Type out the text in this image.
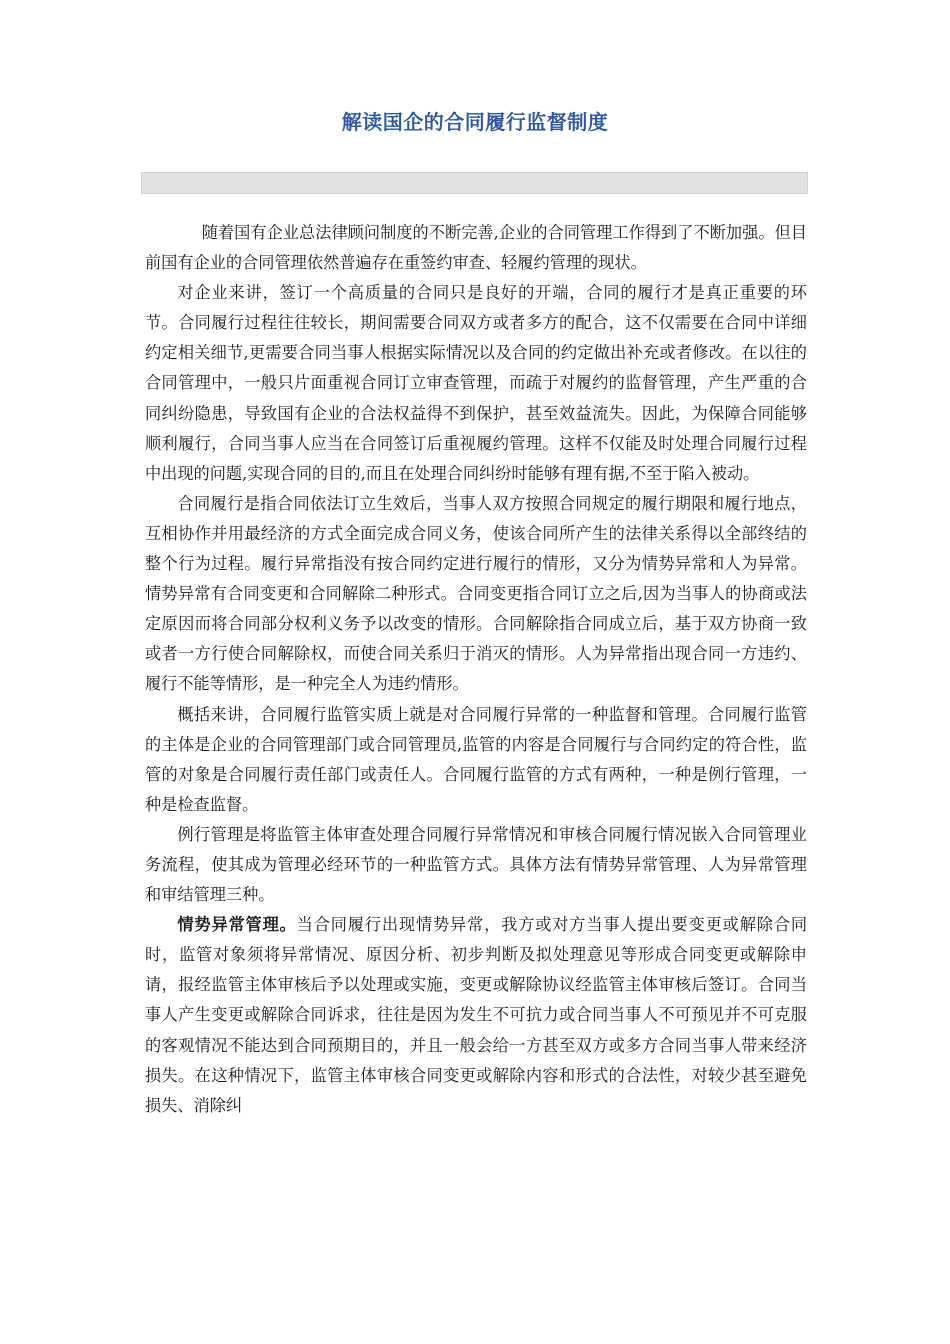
解读国企的合同履行监督制度

随着国有企业总法律顾问制度的不断完善,企业的合同管理工作得到了不断加强。但目前国有企业的合同管理依然普遍存在重签约审查、轻履约管理的现状。

对企业来讲，签订一个高质量的合同只是良好的开端，合同的履行才是真正重要的环节。合同履行过程往往较长，期间需要合同双方或者多方的配合，这不仅需要在合同中详细约定相关细节,更需要合同当事人根据实际情况以及合同的约定做出补充或者修改。在以往的合同管理中，一般只片面重视合同订立审查管理，而疏于对履约的监督管理，产生严重的合同纠纷隐患，导致国有企业的合法权益得不到保护，甚至效益流失。因此，为保障合同能够顺利履行，合同当事人应当在合同签订后重视履约管理。这样不仅能及时处理合同履行过程中出现的问题,实现合同的目的,而且在处理合同纠纷时能够有理有据,不至于陷入被动。

合同履行是指合同依法订立生效后，当事人双方按照合同规定的履行期限和履行地点，互相协作并用最经济的方式全面完成合同义务，使该合同所产生的法律关系得以全部终结的整个行为过程。履行异常指没有按合同约定进行履行的情形，又分为情势异常和人为异常。情势异常有合同变更和合同解除二种形式。合同变更指合同订立之后,因为当事人的协商或法定原因而将合同部分权利义务予以改变的情形。合同解除指合同成立后，基于双方协商一致或者一方行使合同解除权，而使合同关系归于消灭的情形。人为异常指出现合同一方违约、履行不能等情形，是一种完全人为违约情形。

概括来讲，合同履行监管实质上就是对合同履行异常的一种监督和管理。合同履行监管的主体是企业的合同管理部门或合同管理员,监管的内容是合同履行与合同约定的符合性，监管的对象是合同履行责任部门或责任人。合同履行监管的方式有两种，一种是例行管理，一种是检查监督。

例行管理是将监管主体审查处理合同履行异常情况和审核合同履行情况嵌入合同管理业务流程，使其成为管理必经环节的一种监管方式。具体方法有情势异常管理、人为异常管理和审结管理三种。

情势异常管理。当合同履行出现情势异常，我方或对方当事人提出要变更或解除合同时，监管对象须将异常情况、原因分析、初步判断及拟处理意见等形成合同变更或解除申请，报经监管主体审核后予以处理或实施，变更或解除协议经监管主体审核后签订。合同当事人产生变更或解除合同诉求，往往是因为发生不可抗力或合同当事人不可预见并不可克服的客观情况不能达到合同预期目的，并且一般会给一方甚至双方或多方合同当事人带来经济损失。在这种情况下，监管主体审核合同变更或解除内容和形式的合法性，对较少甚至避免损失、消除纠
